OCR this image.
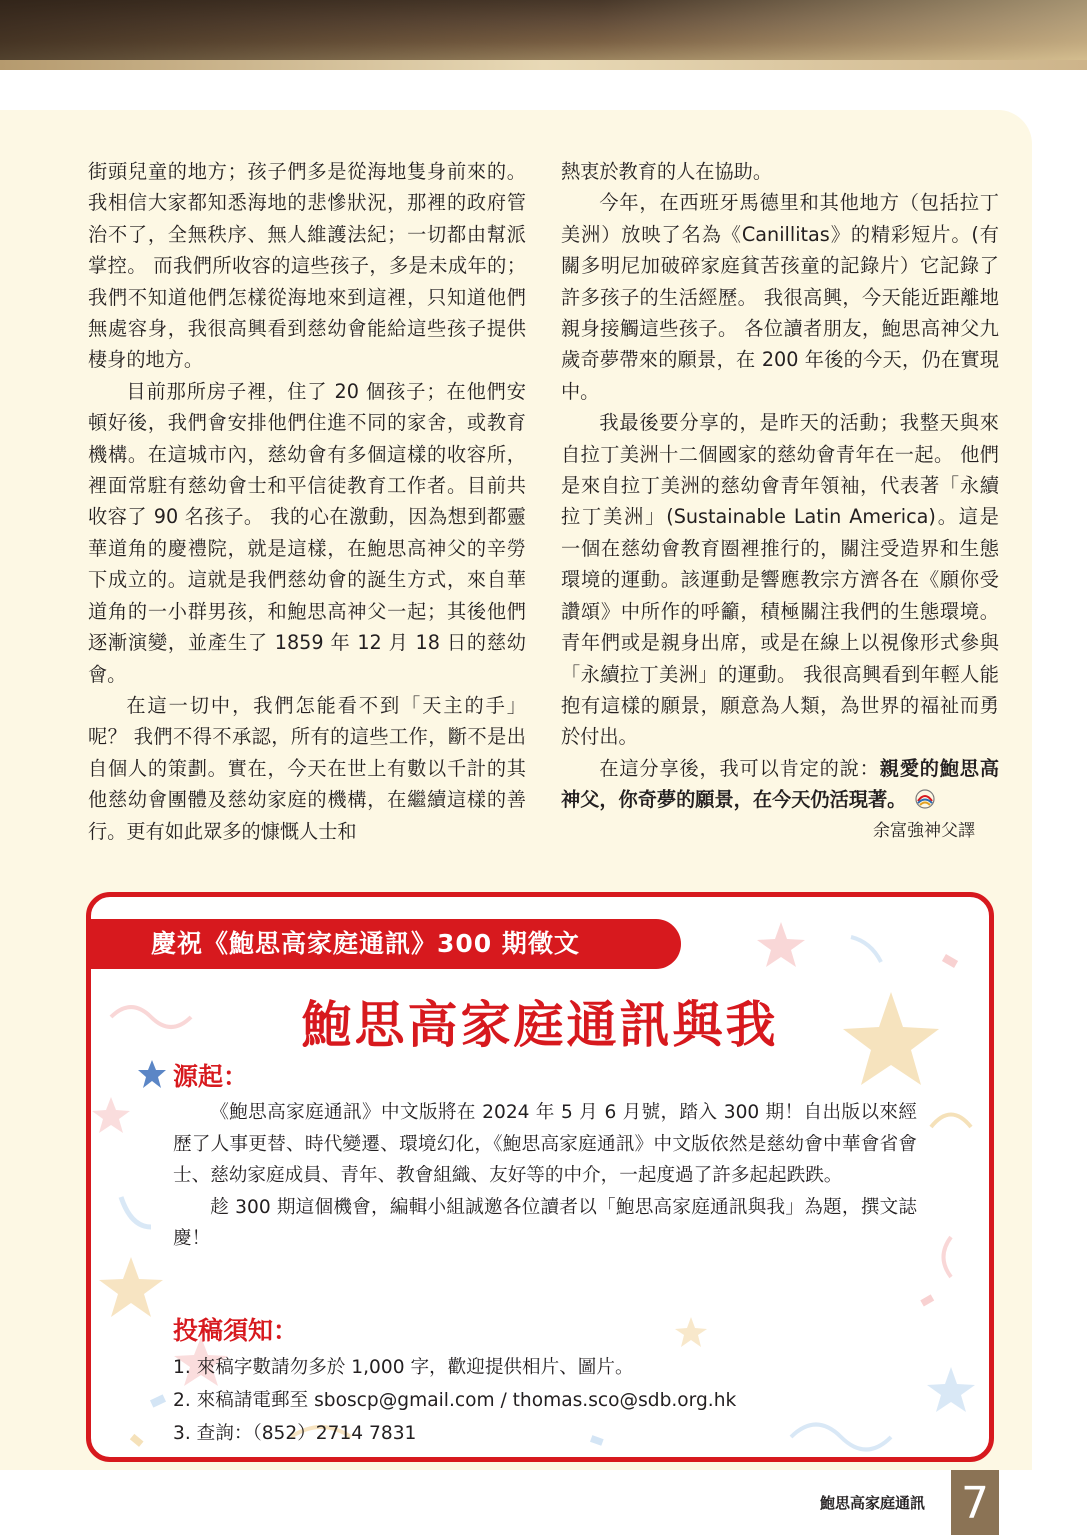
街頭兒童的地方；孩子們多是從海地隻身前來的。 我相信大家都知悉海地的悲慘狀況，那裡的政府管治不了，全無秩序、無人維護法紀；一切都由幫派掌控。 而我們所收容的這些孩子，多是未成年的；我們不知道他們怎樣從海地來到這裡，只知道他們無處容身，我很高興看到慈幼會能給這些孩子提供棲身的地方。

目前那所房子裡，住了 20 個孩子；在他們安頓好後，我們會安排他們住進不同的家舍，或教育機構。在這城市內，慈幼會有多個這樣的收容所，裡面常駐有慈幼會士和平信徒教育工作者。目前共收容了 90 名孩子。 我的心在激動，因為想到都靈華道角的慶禮院，就是這樣，在鮑思高神父的辛勞下成立的。這就是我們慈幼會的誕生方式，來自華道角的一小群男孩，和鮑思高神父一起；其後他們逐漸演變，並產生了 1859 年 12 月 18 日的慈幼會。

在這一切中，我們怎能看不到「天主的手」呢？ 我們不得不承認，所有的這些工作，斷不是出自個人的策劃。實在，今天在世上有數以千計的其他慈幼會團體及慈幼家庭的機構，在繼續這樣的善行。更有如此眾多的慷慨人士和

熱衷於教育的人在協助。

今年，在西班牙馬德里和其他地方（包括拉丁美洲）放映了名為《Canillitas》的精彩短片。(有關多明尼加破碎家庭貧苦孩童的記錄片）它記錄了許多孩子的生活經歷。 我很高興，今天能近距離地親身接觸這些孩子。 各位讀者朋友，鮑思高神父九歲奇夢帶來的願景，在 200 年後的今天，仍在實現中。

我最後要分享的，是昨天的活動；我整天與來自拉丁美洲十二個國家的慈幼會青年在一起。 他們是來自拉丁美洲的慈幼會青年領袖，代表著「永續拉丁美洲」(Sustainable Latin America)。這是一個在慈幼會教育圈裡推行的，關注受造界和生態環境的運動。該運動是響應教宗方濟各在《願你受讚頌》中所作的呼籲，積極關注我們的生態環境。 青年們或是親身出席，或是在線上以視像形式參與「永續拉丁美洲」的運動。 我很高興看到年輕人能抱有這樣的願景，願意為人類，為世界的福祉而勇於付出。

在這分享後，我可以肯定的說：親愛的鮑思高神父，你奇夢的願景，在今天仍活現著。

余富強神父譯
慶祝《鮑思高家庭通訊》300 期徵文
鮑思高家庭通訊與我
源起：

《鮑思高家庭通訊》中文版將在 2024 年 5 月 6 月號，踏入 300 期！自出版以來經歷了人事更替、時代變遷、環境幻化，《鮑思高家庭通訊》中文版依然是慈幼會中華會省會士、慈幼家庭成員、青年、教會組織、友好等的中介，一起度過了許多起起跌跌。

趁 300 期這個機會，編輯小組誠邀各位讀者以「鮑思高家庭通訊與我」為題，撰文誌慶！

投稿須知：

1. 來稿字數請勿多於 1,000 字，歡迎提供相片、圖片。

2. 來稿請電郵至 sboscp@gmail.com / thomas.sco@sdb.org.hk

3. 查詢：（852）2714 7831

鮑思高家庭通訊 7
